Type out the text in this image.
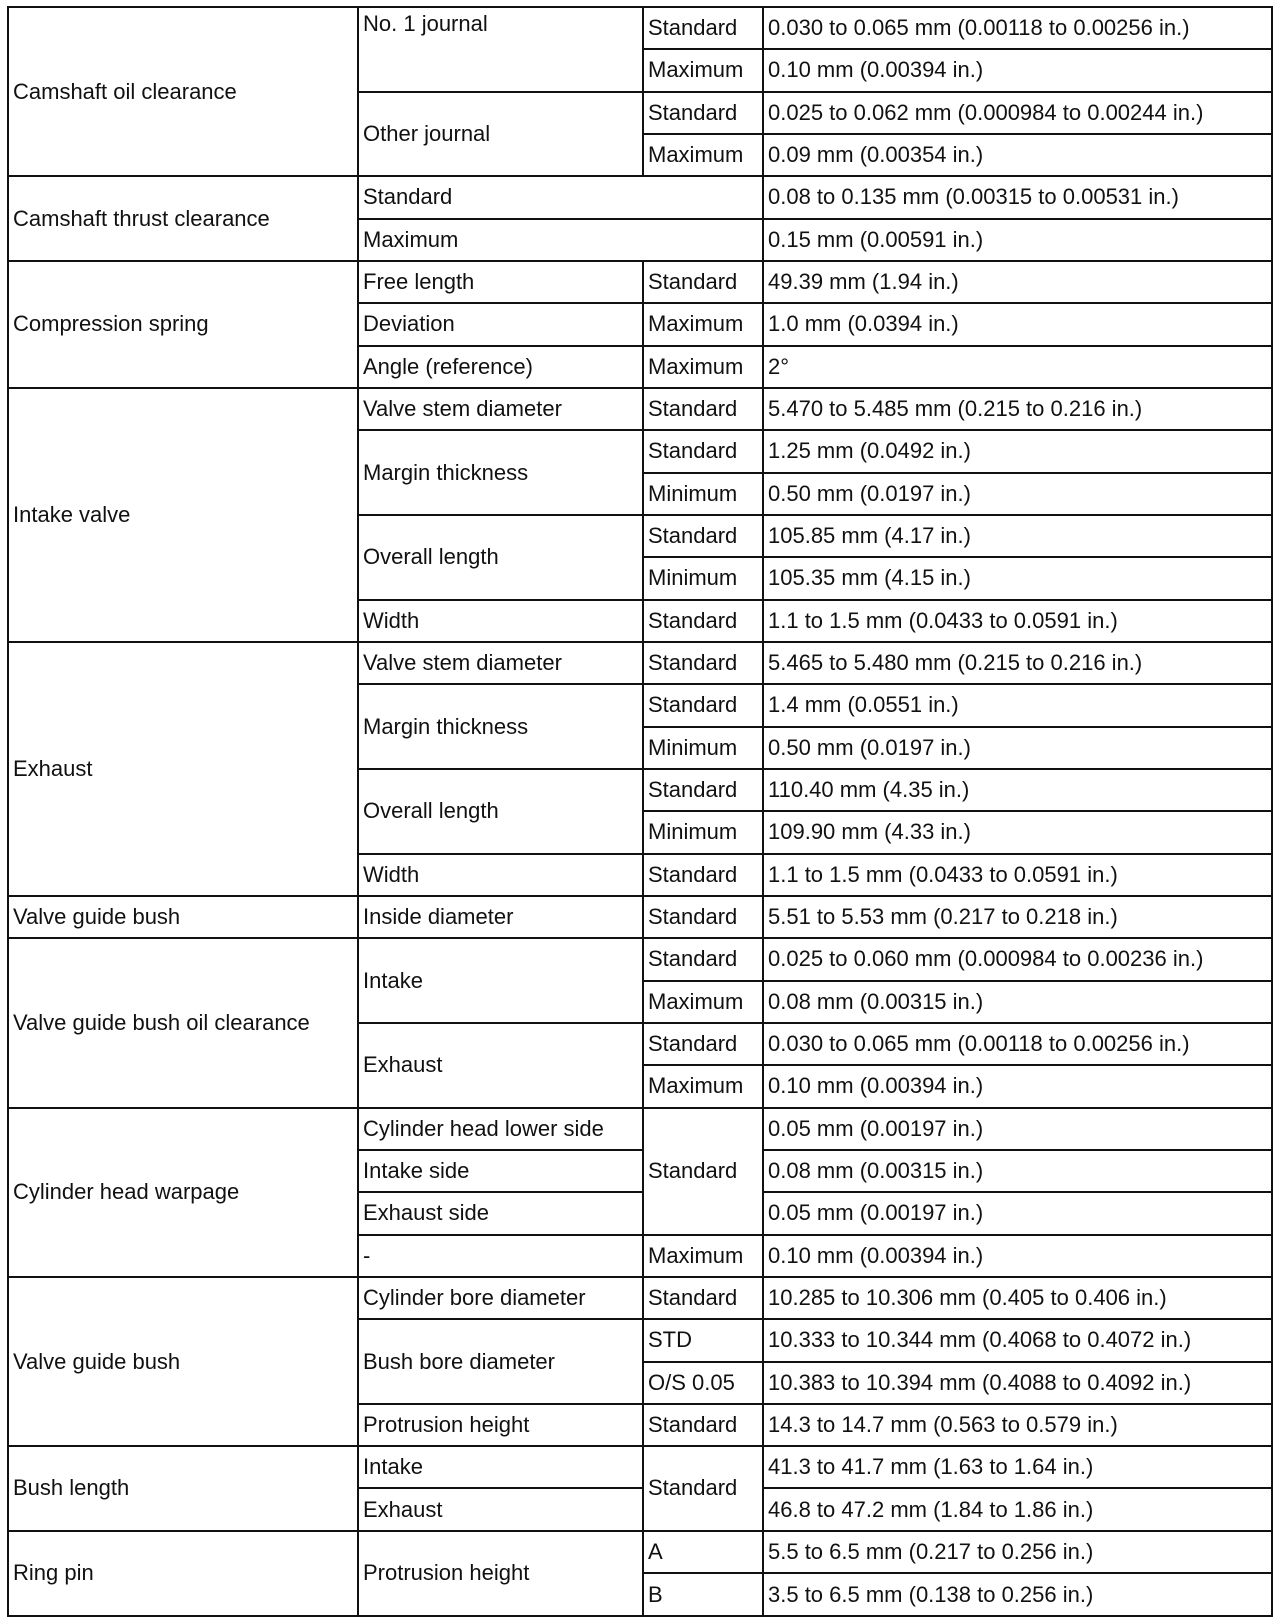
Camshaft oil clearance	No. 1 journal	Standard	0.030 to 0.065 mm (0.00118 to 0.00256 in.)
		Maximum	0.10 mm (0.00394 in.)
	Other journal	Standard	0.025 to 0.062 mm (0.000984 to 0.00244 in.)
		Maximum	0.09 mm (0.00354 in.)
Camshaft thrust clearance	Standard		0.08 to 0.135 mm (0.00315 to 0.00531 in.)
	Maximum		0.15 mm (0.00591 in.)
Compression spring	Free length	Standard	49.39 mm (1.94 in.)
	Deviation	Maximum	1.0 mm (0.0394 in.)
	Angle (reference)	Maximum	2°
Intake valve	Valve stem diameter	Standard	5.470 to 5.485 mm (0.215 to 0.216 in.)
	Margin thickness	Standard	1.25 mm (0.0492 in.)
		Minimum	0.50 mm (0.0197 in.)
	Overall length	Standard	105.85 mm (4.17 in.)
		Minimum	105.35 mm (4.15 in.)
	Width	Standard	1.1 to 1.5 mm (0.0433 to 0.0591 in.)
Exhaust	Valve stem diameter	Standard	5.465 to 5.480 mm (0.215 to 0.216 in.)
	Margin thickness	Standard	1.4 mm (0.0551 in.)
		Minimum	0.50 mm (0.0197 in.)
	Overall length	Standard	110.40 mm (4.35 in.)
		Minimum	109.90 mm (4.33 in.)
	Width	Standard	1.1 to 1.5 mm (0.0433 to 0.0591 in.)
Valve guide bush	Inside diameter	Standard	5.51 to 5.53 mm (0.217 to 0.218 in.)
Valve guide bush oil clearance	Intake	Standard	0.025 to 0.060 mm (0.000984 to 0.00236 in.)
		Maximum	0.08 mm (0.00315 in.)
	Exhaust	Standard	0.030 to 0.065 mm (0.00118 to 0.00256 in.)
		Maximum	0.10 mm (0.00394 in.)
Cylinder head warpage	Cylinder head lower side	Standard	0.05 mm (0.00197 in.)
	Intake side		0.08 mm (0.00315 in.)
	Exhaust side		0.05 mm (0.00197 in.)
	-	Maximum	0.10 mm (0.00394 in.)
Valve guide bush	Cylinder bore diameter	Standard	10.285 to 10.306 mm (0.405 to 0.406 in.)
	Bush bore diameter	STD	10.333 to 10.344 mm (0.4068 to 0.4072 in.)
		O/S 0.05	10.383 to 10.394 mm (0.4088 to 0.4092 in.)
	Protrusion height	Standard	14.3 to 14.7 mm (0.563 to 0.579 in.)
Bush length	Intake	Standard	41.3 to 41.7 mm (1.63 to 1.64 in.)
	Exhaust		46.8 to 47.2 mm (1.84 to 1.86 in.)
Ring pin	Protrusion height	A	5.5 to 6.5 mm (0.217 to 0.256 in.)
		B	3.5 to 6.5 mm (0.138 to 0.256 in.)
